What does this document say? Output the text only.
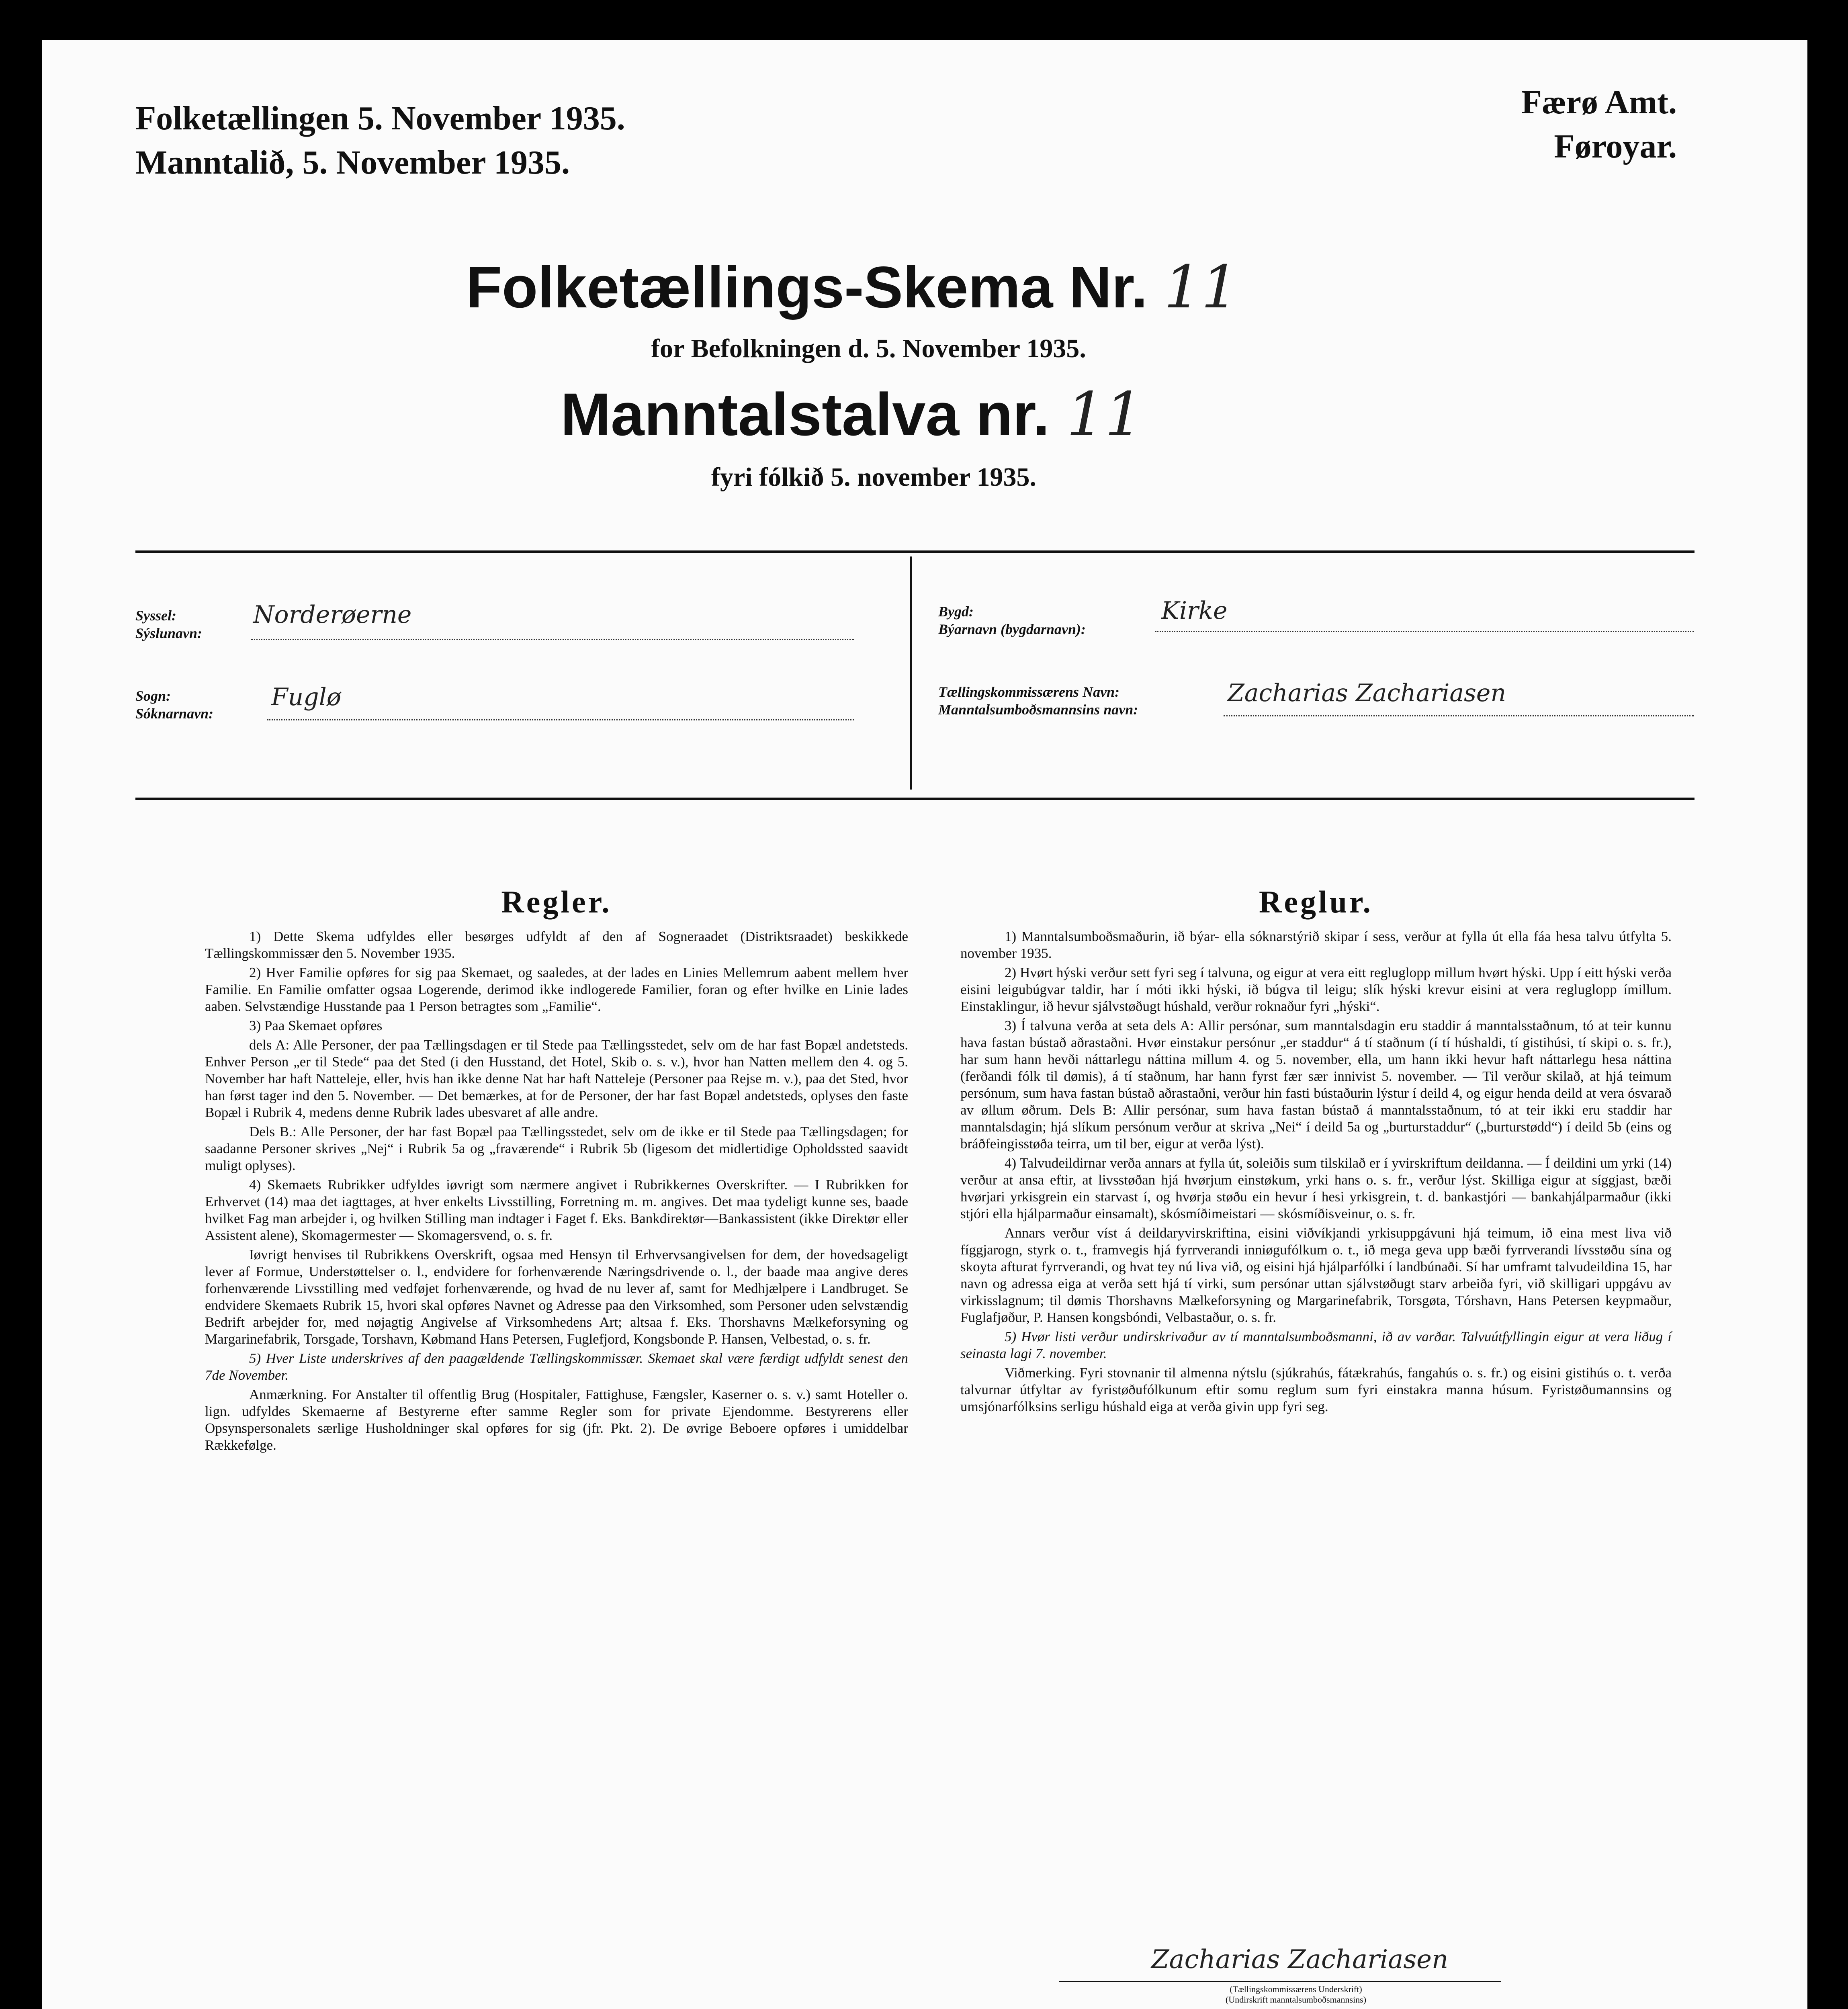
Folketællingen 5. November 1935.
Manntalið, 5. November 1935.
Færø Amt.
Føroyar.
Folketællings-Skema Nr. 11
for Befolkningen d. 5. November 1935.
Manntalstalva nr. 11
fyri fólkið 5. november 1935.
Syssel:
Sýslunavn:
Norderøerne
Sogn:
Sóknarnavn:
Fuglø
Bygd:
Býarnavn (bygdarnavn):
Kirke
Tællingskommissærens Navn:
Manntalsumboðsmannsins navn:
Zacharias Zachariasen
Regler.

1) Dette Skema udfyldes eller besørges udfyldt af den af Sogneraadet (Distriktsraadet) beskikkede Tællingskommissær den 5. November 1935.

2) Hver Familie opføres for sig paa Skemaet, og saaledes, at der lades en Linies Mellemrum aabent mellem hver Familie. En Familie omfatter ogsaa Logerende, derimod ikke indlogerede Familier, foran og efter hvilke en Linie lades aaben. Selvstændige Husstande paa 1 Person betragtes som „Familie“.

3) Paa Skemaet opføres

dels A: Alle Personer, der paa Tællingsdagen er til Stede paa Tællingsstedet, selv om de har fast Bopæl andetsteds. Enhver Person „er til Stede“ paa det Sted (i den Husstand, det Hotel, Skib o. s. v.), hvor han Natten mellem den 4. og 5. November har haft Natteleje, eller, hvis han ikke denne Nat har haft Natteleje (Personer paa Rejse m. v.), paa det Sted, hvor han først tager ind den 5. November. — Det bemærkes, at for de Personer, der har fast Bopæl andetsteds, oplyses den faste Bopæl i Rubrik 4, medens denne Rubrik lades ubesvaret af alle andre.

Dels B.: Alle Personer, der har fast Bopæl paa Tællingsstedet, selv om de ikke er til Stede paa Tællingsdagen; for saadanne Personer skrives „Nej“ i Rubrik 5a og „fraværende“ i Rubrik 5b (ligesom det midlertidige Opholdssted saavidt muligt oplyses).

4) Skemaets Rubrikker udfyldes iøvrigt som nærmere angivet i Rubrikkernes Overskrifter. — I Rubrikken for Erhvervet (14) maa det iagttages, at hver enkelts Livsstilling, Forretning m. m. angives. Det maa tydeligt kunne ses, baade hvilket Fag man arbejder i, og hvilken Stilling man indtager i Faget f. Eks. Bankdirektør—Bankassistent (ikke Direktør eller Assistent alene), Skomagermester — Skomagersvend, o. s. fr.

Iøvrigt henvises til Rubrikkens Overskrift, ogsaa med Hensyn til Erhvervsangivelsen for dem, der hovedsageligt lever af Formue, Understøttelser o. l., endvidere for forhenværende Næringsdrivende o. l., der baade maa angive deres forhenværende Livsstilling med vedføjet forhenværende, og hvad de nu lever af, samt for Medhjælpere i Landbruget. Se endvidere Skemaets Rubrik 15, hvori skal opføres Navnet og Adresse paa den Virksomhed, som Personer uden selvstændig Bedrift arbejder for, med nøjagtig Angivelse af Virksomhedens Art; altsaa f. Eks. Thorshavns Mælkeforsyning og Margarinefabrik, Torsgade, Torshavn, Købmand Hans Petersen, Fuglefjord, Kongsbonde P. Hansen, Velbestad, o. s. fr.

5) Hver Liste underskrives af den paagældende Tællingskommissær. Skemaet skal være færdigt udfyldt senest den 7de November.

Anmærkning. For Anstalter til offentlig Brug (Hospitaler, Fattighuse, Fængsler, Kaserner o. s. v.) samt Hoteller o. lign. udfyldes Skemaerne af Bestyrerne efter samme Regler som for private Ejendomme. Bestyrerens eller Opsynspersonalets særlige Husholdninger skal opføres for sig (jfr. Pkt. 2). De øvrige Beboere opføres i umiddelbar Rækkefølge.

Reglur.

1) Manntalsumboðsmaðurin, ið býar- ella sóknarstýrið skipar í sess, verður at fylla út ella fáa hesa talvu útfylta 5. november 1935.

2) Hvørt hýski verður sett fyri seg í talvuna, og eigur at vera eitt regluglopp millum hvørt hýski. Upp í eitt hýski verða eisini leigubúgvar taldir, har í móti ikki hýski, ið búgva til leigu; slík hýski krevur eisini at vera regluglopp ímillum. Einstaklingur, ið hevur sjálvstøðugt húshald, verður roknaður fyri „hýski“.

3) Í talvuna verða at seta dels A: Allir persónar, sum manntalsdagin eru staddir á manntalsstaðnum, tó at teir kunnu hava fastan bústað aðrastaðni. Hvør einstakur persónur „er staddur“ á tí staðnum (í tí húshaldi, tí gistihúsi, tí skipi o. s. fr.), har sum hann hevði náttarlegu náttina millum 4. og 5. november, ella, um hann ikki hevur haft náttarlegu hesa náttina (ferðandi fólk til dømis), á tí staðnum, har hann fyrst fær sær innivist 5. november. — Til verður skilað, at hjá teimum persónum, sum hava fastan bústað aðrastaðni, verður hin fasti bústaðurin lýstur í deild 4, og eigur henda deild at vera ósvarað av øllum øðrum. Dels B: Allir persónar, sum hava fastan bústað á manntalsstaðnum, tó at teir ikki eru staddir har manntalsdagin; hjá slíkum persónum verður at skriva „Nei“ í deild 5a og „burturstaddur“ („burturstødd“) í deild 5b (eins og bráðfeingisstøða teirra, um til ber, eigur at verða lýst).

4) Talvudeildirnar verða annars at fylla út, soleiðis sum tilskilað er í yvirskriftum deildanna. — Í deildini um yrki (14) verður at ansa eftir, at livsstøðan hjá hvørjum einstøkum, yrki hans o. s. fr., verður lýst. Skilliga eigur at síggjast, bæði hvørjari yrkisgrein ein starvast í, og hvørja støðu ein hevur í hesi yrkisgrein, t. d. bankastjóri — bankahjálparmaður (ikki stjóri ella hjálparmaður einsamalt), skósmíðimeistari — skósmíðisveinur, o. s. fr.

Annars verður víst á deildaryvirskriftina, eisini viðvíkjandi yrkisuppgávuni hjá teimum, ið eina mest liva við fíggjarogn, styrk o. t., framvegis hjá fyrrverandi inniøgufólkum o. t., ið mega geva upp bæði fyrrverandi lívsstøðu sína og skoyta afturat fyrrverandi, og hvat tey nú liva við, og eisini hjá hjálparfólki í landbúnaði. Sí har umframt talvudeildina 15, har navn og adressa eiga at verða sett hjá tí virki, sum persónar uttan sjálvstøðugt starv arbeiða fyri, við skilligari uppgávu av virkisslagnum; til dømis Thorshavns Mælkeforsyning og Margarinefabrik, Torsgøta, Tórshavn, Hans Petersen keypmaður, Fuglafjøður, P. Hansen kongsbóndi, Velbastaður, o. s. fr.

5) Hvør listi verður undirskrivaður av tí manntalsumboðsmanni, ið av varðar. Talvuútfyllingin eigur at vera liðug í seinasta lagi 7. november.

Viðmerking. Fyri stovnanir til almenna nýtslu (sjúkrahús, fátækrahús, fangahús o. s. fr.) og eisini gistihús o. t. verða talvurnar útfyltar av fyristøðufólkunum eftir somu reglum sum fyri einstakra manna húsum. Fyristøðumannsins og umsjónarfólksins serligu húshald eiga at verða givin upp fyri seg.

Zacharias Zachariasen
(Tællingskommissærens Underskrift)
(Undirskrift manntalsumboðsmannsins)
